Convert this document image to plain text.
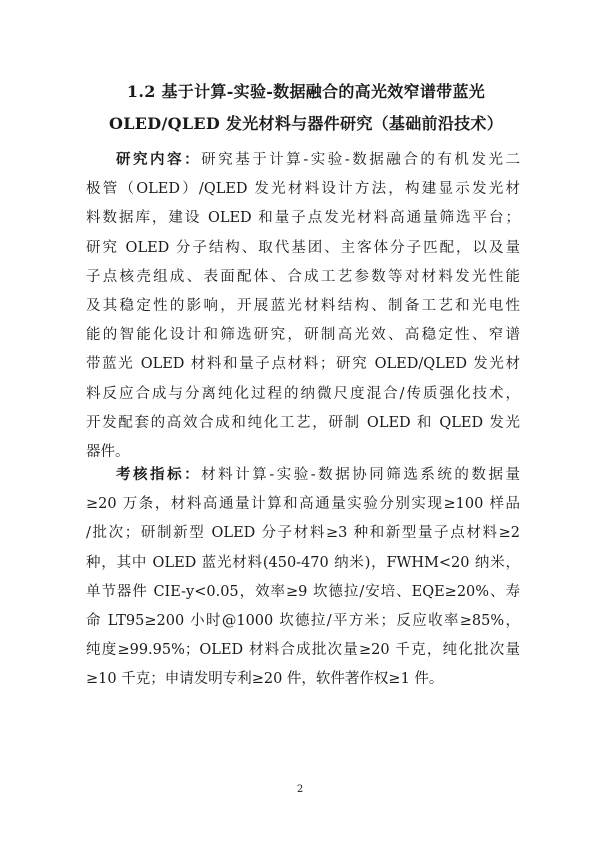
1.2 基于计算-实验-数据融合的高光效窄谱带蓝光
OLED/QLED 发光材料与器件研究（基础前沿技术）

研究内容：研究基于计算-实验-数据融合的有机发光二
极管（OLED）/QLED 发光材料设计方法，构建显示发光材
料数据库，建设 OLED 和量子点发光材料高通量筛选平台；
研究 OLED 分子结构、取代基团、主客体分子匹配，以及量
子点核壳组成、表面配体、合成工艺参数等对材料发光性能
及其稳定性的影响，开展蓝光材料结构、制备工艺和光电性
能的智能化设计和筛选研究，研制高光效、高稳定性、窄谱
带蓝光 OLED 材料和量子点材料；研究 OLED/QLED 发光材
料反应合成与分离纯化过程的纳微尺度混合/传质强化技术，
开发配套的高效合成和纯化工艺，研制 OLED 和 QLED 发光
器件。

考核指标：材料计算-实验-数据协同筛选系统的数据量
≥20 万条，材料高通量计算和高通量实验分别实现≥100 样品
/批次；研制新型 OLED 分子材料≥3 种和新型量子点材料≥2
种，其中 OLED 蓝光材料(450-470 纳米)，FWHM<20 纳米，
单节器件 CIE-y<0.05，效率≥9 坎德拉/安培、EQE≥20%、寿
命 LT95≥200 小时@1000 坎德拉/平方米；反应收率≥85%，
纯度≥99.95%；OLED 材料合成批次量≥20 千克，纯化批次量
≥10 千克；申请发明专利≥20 件，软件著作权≥1 件。

2
